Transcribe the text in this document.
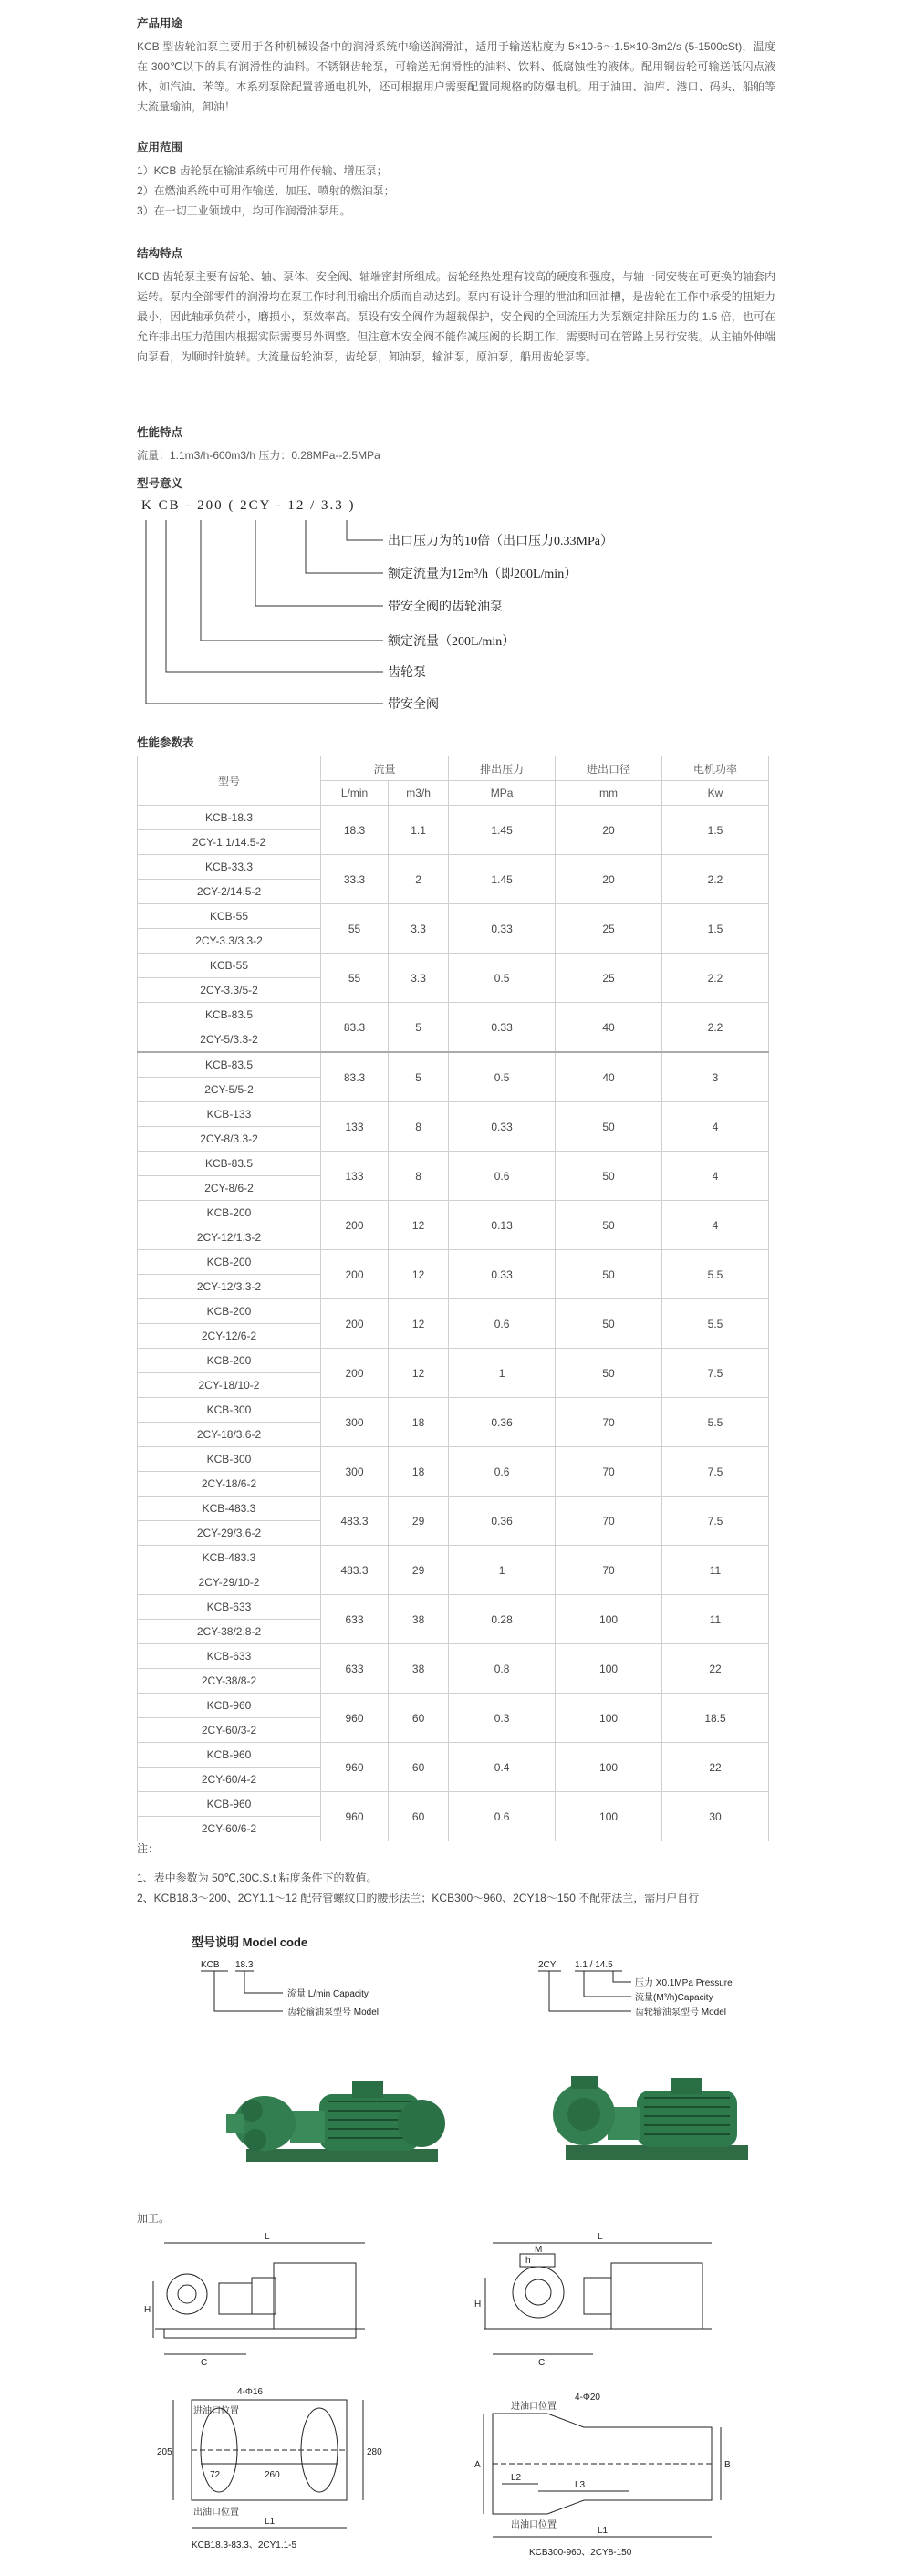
产品用途

KCB 型齿轮油泵主要用于各种机械设备中的润滑系统中输送润滑油，适用于输送粘度为 5×10-6～1.5×10-3m2/s (5-1500cSt)，温度在 300℃以下的具有润滑性的油料。不锈钢齿轮泵，可输送无润滑性的油料、饮料、低腐蚀性的液体。配用铜齿轮可输送低闪点液体，如汽油、苯等。本系列泵除配置普通电机外，还可根据用户需要配置同规格的防爆电机。用于油田、油库、港口、码头、船舶等大流量输油，卸油！

应用范围

1）KCB 齿轮泵在输油系统中可用作传输、增压泵；

2）在燃油系统中可用作输送、加压、喷射的燃油泵；

3）在一切工业领域中，均可作润滑油泵用。

结构特点

KCB 齿轮泵主要有齿轮、轴、泵体、安全阀、轴端密封所组成。齿轮经热处理有较高的硬度和强度，与轴一同安装在可更换的轴套内运转。泵内全部零件的润滑均在泵工作时利用输出介质而自动达到。泵内有设计合理的泄油和回油槽，是齿轮在工作中承受的扭矩力最小，因此轴承负荷小，磨损小，泵效率高。泵设有安全阀作为超载保护，安全阀的全回流压力为泵额定排除压力的 1.5 倍，也可在允许排出压力范围内根据实际需要另外调整。但注意本安全阀不能作减压阀的长期工作，需要时可在管路上另行安装。从主轴外伸端向泵看，为顺时针旋转。大流量齿轮油泵，齿轮泵，卸油泵，输油泵，原油泵，船用齿轮泵等。

性能特点

流量：1.1m3/h-600m3/h 压力：0.28MPa--2.5MPa

型号意义

K CB - 200 ( 2CY - 12 / 3.3 )
出口压力为的10倍（出口压力0.33MPa）
额定流量为12m³/h（即200L/min）
带安全阀的齿轮油泵
额定流量（200L/min）
齿轮泵
带安全阀

性能参数表

型号	流量		排出压力	进出口径	电机功率
	L/min	m3/h	MPa	mm	Kw
KCB-18.3	18.3	1.1	1.45	20	1.5
2CY-1.1/14.5-2					
KCB-33.3	33.3	2	1.45	20	2.2
2CY-2/14.5-2					
KCB-55	55	3.3	0.33	25	1.5
2CY-3.3/3.3-2					
KCB-55	55	3.3	0.5	25	2.2
2CY-3.3/5-2					
KCB-83.5	83.3	5	0.33	40	2.2
2CY-5/3.3-2					
KCB-83.5	83.3	5	0.5	40	3
2CY-5/5-2					
KCB-133	133	8	0.33	50	4
2CY-8/3.3-2					
KCB-83.5	133	8	0.6	50	4
2CY-8/6-2					
KCB-200	200	12	0.13	50	4
2CY-12/1.3-2					
KCB-200	200	12	0.33	50	5.5
2CY-12/3.3-2					
KCB-200	200	12	0.6	50	5.5
2CY-12/6-2					
KCB-200	200	12	1	50	7.5
2CY-18/10-2					
KCB-300	300	18	0.36	70	5.5
2CY-18/3.6-2					
KCB-300	300	18	0.6	70	7.5
2CY-18/6-2					
KCB-483.3	483.3	29	0.36	70	7.5
2CY-29/3.6-2					
KCB-483.3	483.3	29	1	70	11
2CY-29/10-2					
KCB-633	633	38	0.28	100	11
2CY-38/2.8-2					
KCB-633	633	38	0.8	100	22
2CY-38/8-2					
KCB-960	960	60	0.3	100	18.5
2CY-60/3-2					
KCB-960	960	60	0.4	100	22
2CY-60/4-2					
KCB-960	960	60	0.6	100	30
2CY-60/6-2					

注：

1、表中参数为 50℃,30C.S.t 粘度条件下的数值。

2、KCB18.3～200、2CY1.1～12 配带管螺纹口的腰形法兰；KCB300～960、2CY18～150 不配带法兰，需用户自行

型号说明 Model code
KCB 18.3
流量 L/min Capacity
齿轮输油泵型号 Model
2CY 1.1 / 14.5
压力 X0.1MPa Pressure
流量(M³/h)Capacity
齿轮输油泵型号 Model
加工。
L
H
C
L
H
C
M
h
4-Φ16
205
72	260
280
L1
进油口位置
出油口位置
KCB18.3-83.3、2CY1.1-5
4-Φ20
A	B
L2
L3
L1
进油口位置
出油口位置
KCB300-960、2CY8-150
